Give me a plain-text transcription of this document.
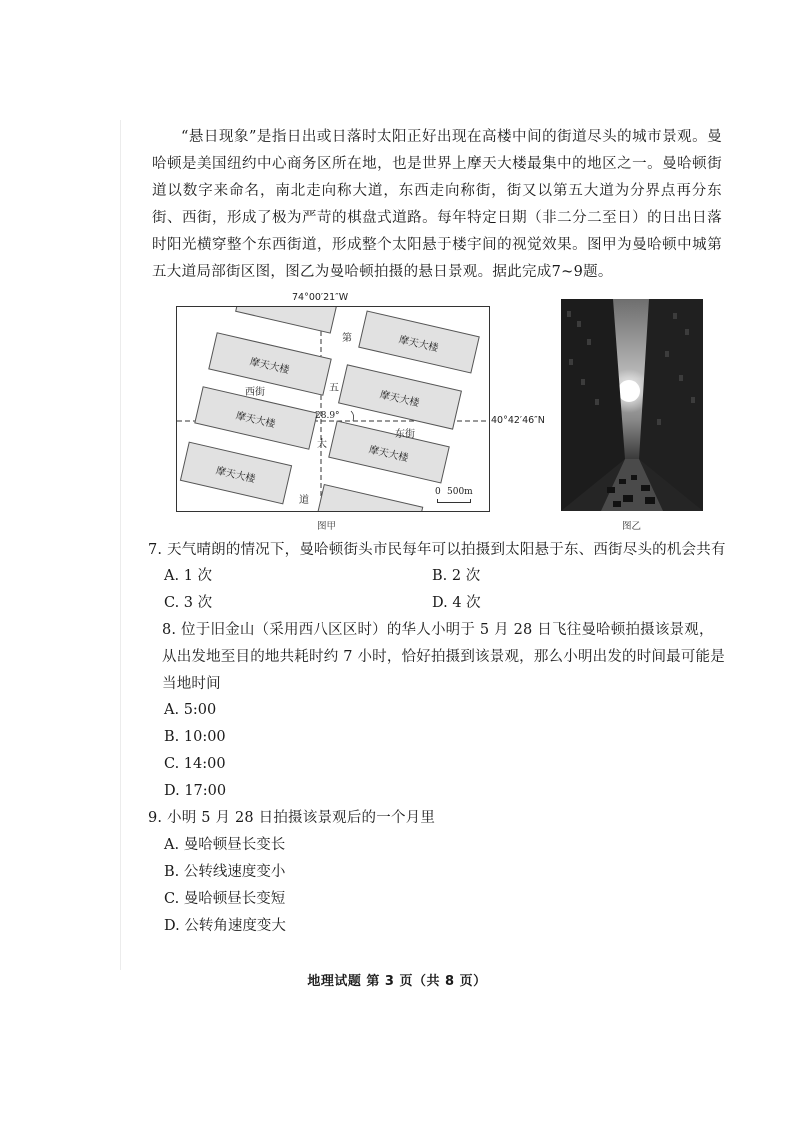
“悬日现象”是指日出或日落时太阳正好出现在高楼中间的街道尽头的城市景观。曼哈顿是美国纽约中心商务区所在地，也是世界上摩天大楼最集中的地区之一。曼哈顿街道以数字来命名，南北走向称大道，东西走向称街，街又以第五大道为分界点再分东街、西街，形成了极为严苛的棋盘式道路。每年特定日期（非二分二至日）的日出日落时阳光横穿整个东西街道，形成整个太阳悬于楼宇间的视觉效果。图甲为曼哈顿中城第五大道局部街区图，图乙为曼哈顿拍摄的悬日景观。据此完成7~9题。

74°00′21″W
摩天大楼
摩天大楼
摩天大楼
摩天大楼
摩天大楼
摩天大楼
西街
东街
第
五
大
道
28.9°
0 500m
40°42′46″N
图甲	图乙
7. 天气晴朗的情况下，曼哈顿街头市民每年可以拍摄到太阳悬于东、西街尽头的机会共有
A. 1 次	B. 2 次
C. 3 次	D. 4 次
8. 位于旧金山（采用西八区区时）的华人小明于 5 月 28 日飞往曼哈顿拍摄该景观，从出发地至目的地共耗时约 7 小时，恰好拍摄到该景观，那么小明出发的时间最可能是当地时间
A. 5:00
B. 10:00
C. 14:00
D. 17:00
9. 小明 5 月 28 日拍摄该景观后的一个月里
A. 曼哈顿昼长变长
B. 公转线速度变小
C. 曼哈顿昼长变短
D. 公转角速度变大
地理试题 第 3 页（共 8 页）
